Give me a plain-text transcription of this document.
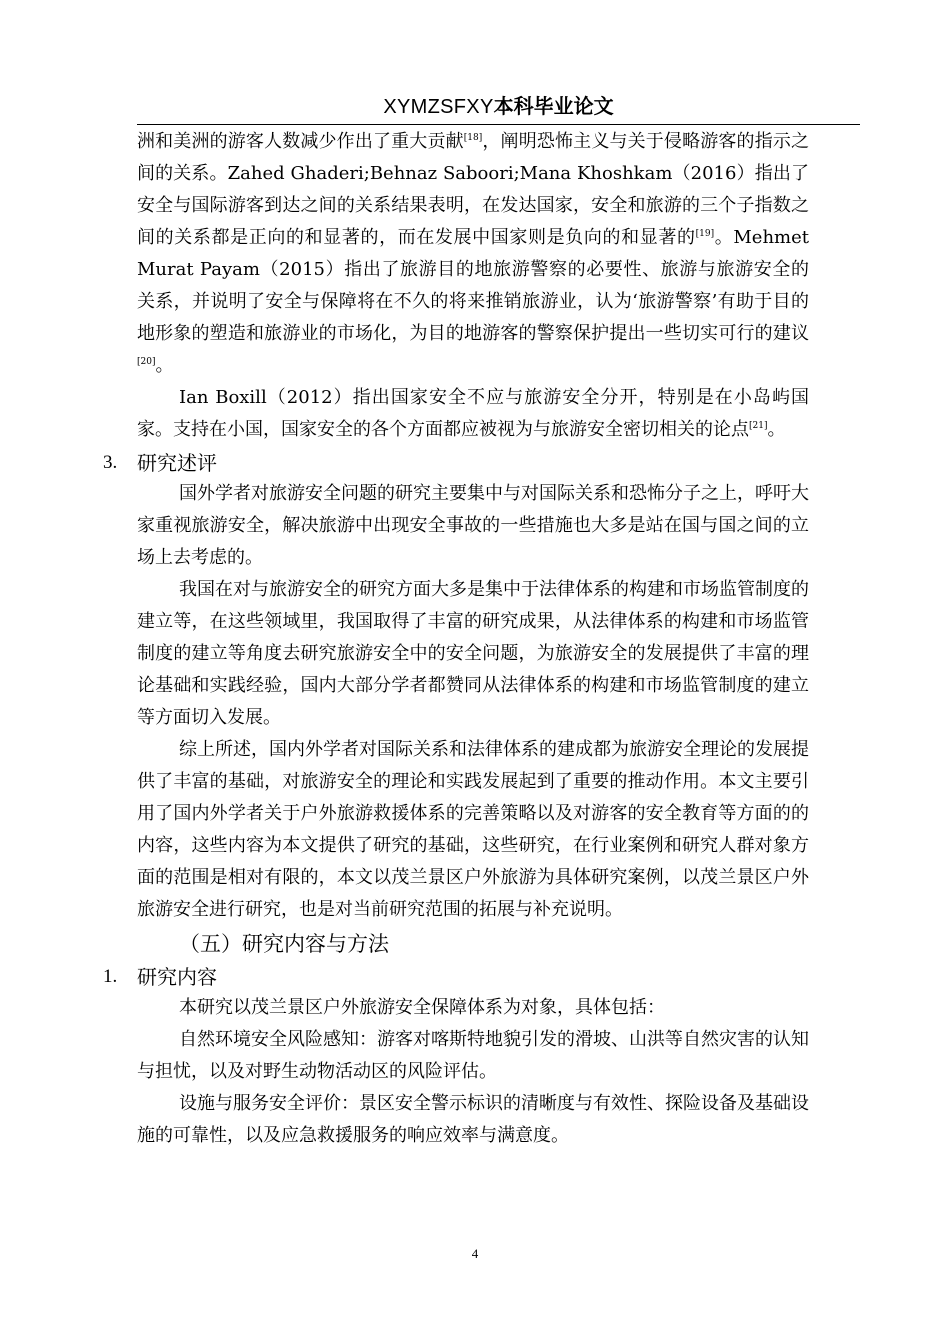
XYMZSFXY本科毕业论文

洲和美洲的游客人数减少作出了重大贡献[18]，阐明恐怖主义与关于侵略游客的指示之间的关系。Zahed Ghaderi;Behnaz Saboori;Mana Khoshkam（2016）指出了安全与国际游客到达之间的关系结果表明，在发达国家，安全和旅游的三个子指数之间的关系都是正向的和显著的，而在发展中国家则是负向的和显著的[19]。Mehmet Murat Payam（2015）指出了旅游目的地旅游警察的必要性、旅游与旅游安全的关系，并说明了安全与保障将在不久的将来推销旅游业，认为‘旅游警察’有助于目的地形象的塑造和旅游业的市场化，为目的地游客的警察保护提出一些切实可行的建议[20]。

Ian Boxill（2012）指出国家安全不应与旅游安全分开，特别是在小岛屿国家。支持在小国，国家安全的各个方面都应被视为与旅游安全密切相关的论点[21]。

3. 研究述评

国外学者对旅游安全问题的研究主要集中与对国际关系和恐怖分子之上，呼吁大家重视旅游安全，解决旅游中出现安全事故的一些措施也大多是站在国与国之间的立场上去考虑的。

我国在对与旅游安全的研究方面大多是集中于法律体系的构建和市场监管制度的建立等，在这些领域里，我国取得了丰富的研究成果，从法律体系的构建和市场监管制度的建立等角度去研究旅游安全中的安全问题，为旅游安全的发展提供了丰富的理论基础和实践经验，国内大部分学者都赞同从法律体系的构建和市场监管制度的建立等方面切入发展。

综上所述，国内外学者对国际关系和法律体系的建成都为旅游安全理论的发展提供了丰富的基础，对旅游安全的理论和实践发展起到了重要的推动作用。本文主要引用了国内外学者关于户外旅游救援体系的完善策略以及对游客的安全教育等方面的的内容，这些内容为本文提供了研究的基础，这些研究，在行业案例和研究人群对象方面的范围是相对有限的，本文以茂兰景区户外旅游为具体研究案例，以茂兰景区户外旅游安全进行研究，也是对当前研究范围的拓展与补充说明。

（五）研究内容与方法
1. 研究内容

本研究以茂兰景区户外旅游安全保障体系为对象，具体包括：

自然环境安全风险感知：游客对喀斯特地貌引发的滑坡、山洪等自然灾害的认知与担忧，以及对野生动物活动区的风险评估。

设施与服务安全评价：景区安全警示标识的清晰度与有效性、探险设备及基础设施的可靠性，以及应急救援服务的响应效率与满意度。

4
